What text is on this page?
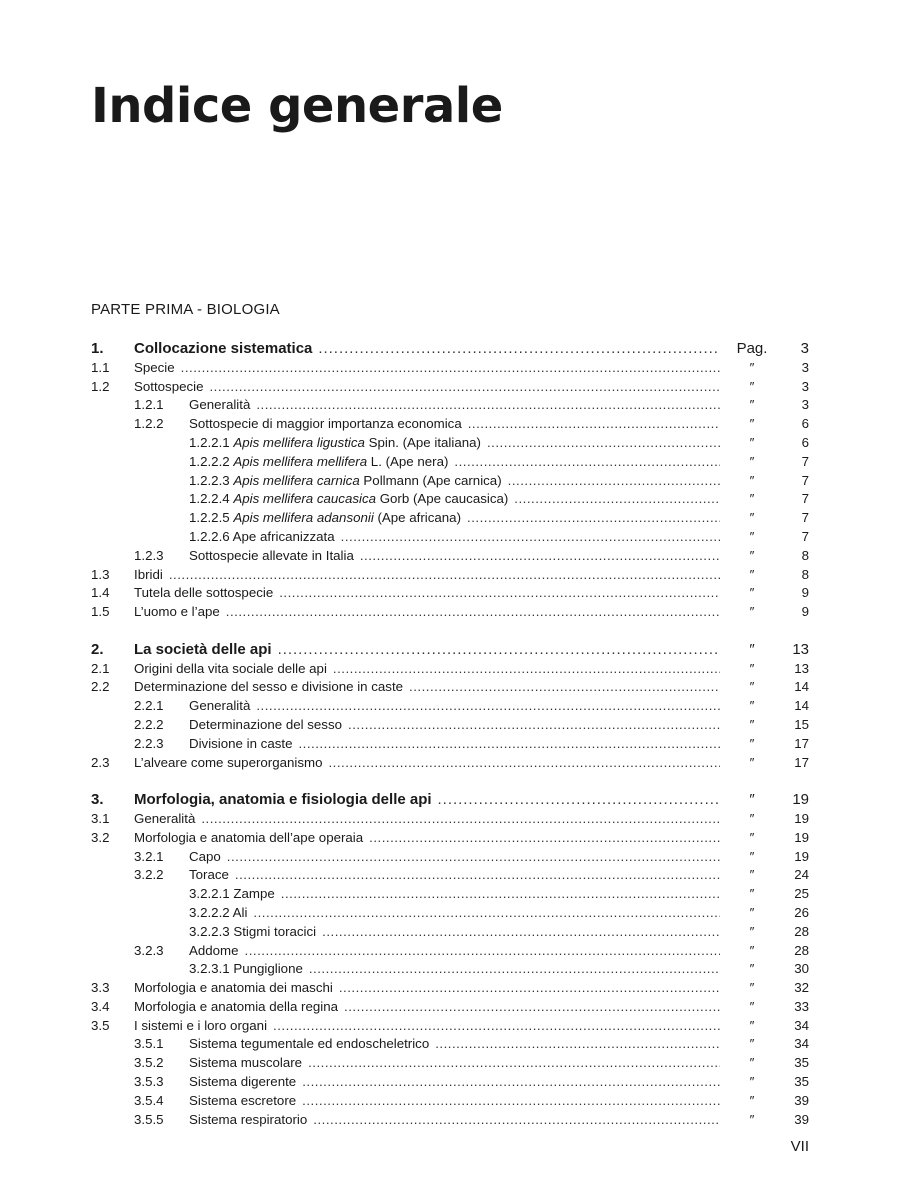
Indice generale
PARTE PRIMA - BIOLOGIA
1. Collocazione sistematica . . .	Pag.	3
1.1 Specie . . .	″	3
1.2 Sottospecie . . .	″	3
1.2.1 Generalità . . .	″	3
1.2.2 Sottospecie di maggior importanza economica . . .	″	6
1.2.2.1 Apis mellifera ligustica Spin. (Ape italiana) . . .	″	6
1.2.2.2 Apis mellifera mellifera L. (Ape nera) . . .	″	7
1.2.2.3 Apis mellifera carnica Pollmann (Ape carnica) . . .	″	7
1.2.2.4 Apis mellifera caucasica Gorb (Ape caucasica) . . .	″	7
1.2.2.5 Apis mellifera adansonii (Ape africana) . . .	″	7
1.2.2.6 Ape africanizzata . . .	″	7
1.2.3 Sottospecie allevate in Italia . . .	″	8
1.3 Ibridi . . .	″	8
1.4 Tutela delle sottospecie . . .	″	9
1.5 L’uomo e l’ape . . .	″	9
2. La società delle api . . .	″	13
2.1 Origini della vita sociale delle api . . .	″	13
2.2 Determinazione del sesso e divisione in caste . . .	″	14
2.2.1 Generalità . . .	″	14
2.2.2 Determinazione del sesso . . .	″	15
2.2.3 Divisione in caste . . .	″	17
2.3 L’alveare come superorganismo . . .	″	17
3. Morfologia, anatomia e fisiologia delle api . . .	″	19
3.1 Generalità . . .	″	19
3.2 Morfologia e anatomia dell’ape operaia . . .	″	19
3.2.1 Capo . . .	″	19
3.2.2 Torace . . .	″	24
3.2.2.1 Zampe . . .	″	25
3.2.2.2 Ali . . .	″	26
3.2.2.3 Stigmi toracici . . .	″	28
3.2.3 Addome . . .	″	28
3.2.3.1 Pungiglione . . .	″	30
3.3 Morfologia e anatomia dei maschi . . .	″	32
3.4 Morfologia e anatomia della regina . . .	″	33
3.5 I sistemi e i loro organi . . .	″	34
3.5.1 Sistema tegumentale ed endoscheletrico . . .	″	34
3.5.2 Sistema muscolare . . .	″	35
3.5.3 Sistema digerente . . .	″	35
3.5.4 Sistema escretore . . .	″	39
3.5.5 Sistema respiratorio . . .	″	39
VII
